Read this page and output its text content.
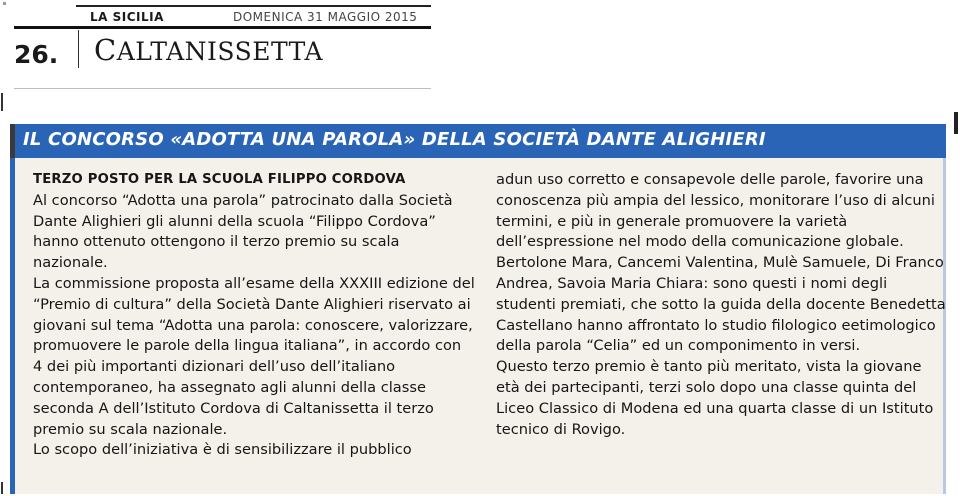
LA SICILIA	DOMENICA 31 MAGGIO 2015
26. CALTANISSETTA
IL CONCORSO «ADOTTA UNA PAROLA» DELLA SOCIETÀ DANTE ALIGHIERI

TERZO POSTO PER LA SCUOLA FILIPPO CORDOVA

Al concorso “Adotta una parola” patrocinato dalla Società Dante Alighieri gli alunni della scuola “Filippo Cordova” hanno ottenuto ottengono il terzo premio su scala nazionale.

La commissione proposta all’esame della XXXIII edizione del “Premio di cultura” della Società Dante Alighieri riservato ai giovani sul tema “Adotta una parola: conoscere, valorizzare, promuovere le parole della lingua italiana”, in accordo con 4 dei più importanti dizionari dell’uso dell’italiano contemporaneo, ha assegnato agli alunni della classe seconda A dell’Istituto Cordova di Caltanissetta il terzo premio su scala nazionale.

Lo scopo dell’iniziativa è di sensibilizzare il pubblico

adun uso corretto e consapevole delle parole, favorire una conoscenza più ampia del lessico, monitorare l’uso di alcuni termini, e più in generale promuovere la varietà dell’espressione nel modo della comunicazione globale.

Bertolone Mara, Cancemi Valentina, Mulè Samuele, Di Franco Andrea, Savoia Maria Chiara: sono questi i nomi degli studenti premiati, che sotto la guida della docente Benedetta Castellano hanno affrontato lo studio filologico eetimologico della parola “Celia” ed un componimento in versi.

Questo terzo premio è tanto più meritato, vista la giovane età dei partecipanti, terzi solo dopo una classe quinta del Liceo Classico di Modena ed una quarta classe di un Istituto tecnico di Rovigo.
